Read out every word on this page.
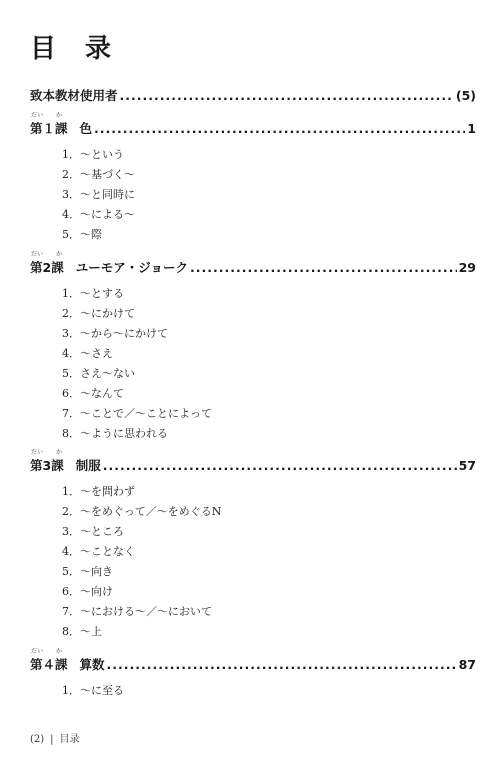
目 录
致本教材使用者 .....	(5)
だい か
第１課 色 .....	1
1．～という
2．～基づく～
3．～と同時に
4．～による～
5．～際
だい か
第2課 ユーモア・ジョーク .....	29
1．～とする
2．～にかけて
3．～から～にかけて
4．～さえ
5．さえ～ない
6．～なんて
7．～ことで／～ことによって
8．～ように思われる
だい か
第3課 制服 .....	57
1．～を問わず
2．～をめぐって／～をめぐるN
3．～ところ
4．～ことなく
5．～向き
6．～向け
7．～における～／～において
8．～上
だい か
第４課 算数 .....	87
1．～に至る
(2) | 目录
